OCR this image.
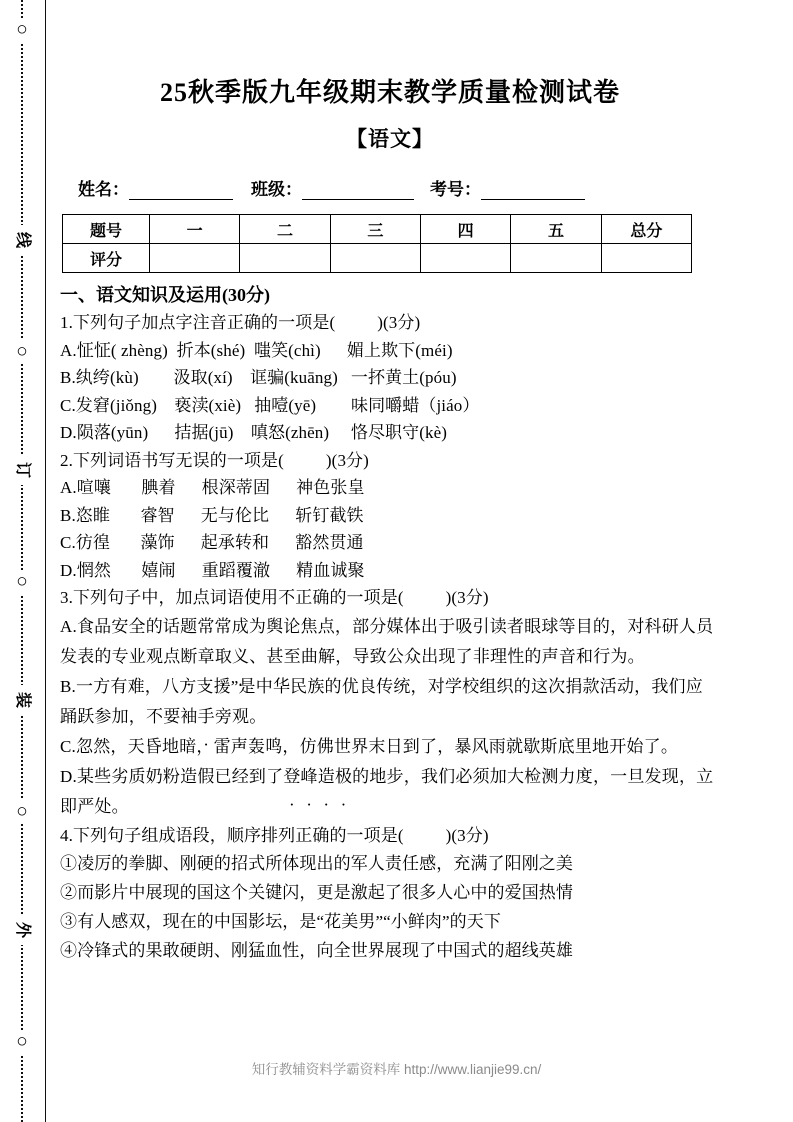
○
线
○
订
○
装
○
外
○
25秋季版九年级期末教学质量检测试卷
【语文】
姓名：	班级：	考号：
题号	一	二	三	四	五	总分
评分						
一、语文知识及运用(30分)
1.下列句子加点字注音正确的一项是( )(3分)
A.怔怔( zhèng)  折本(shé)  嗤笑(chì)      媚上欺下(méi)
B.纨绔(kù)        汲取(xí)    诓骗(kuāng)   一抔黄土(póu)
C.发窘(jiǒng)    亵渎(xiè)   抽噎(yē)        味同嚼蜡（jiáo）
D.陨落(yūn)      拮据(jū)    嗔怒(zhēn)     恪尽职守(kè)
2.下列词语书写无误的一项是( )(3分)
A.喧嚷       腆着      根深蒂固      神色张皇
B.恣睢       睿智      无与伦比      斩钉截铁
C.彷徨       藻饰      起承转和      豁然贯通
D.惘然       嬉闹      重蹈覆澈      精血诚聚
3.下列句子中，加点词语使用不正确的一项是( )(3分)
A.食品安全的话题常常成为舆论焦点，部分媒体出于吸引读者眼球等目的，对科研人员发表的专业观点断章取义、甚至曲解，导致公众出现了非理性的声音和行为。
B.一方有难，八方支援”是中华民族的优良传统，对学校组织的这次捐款活动，我们应踊跃参加，不要袖手旁观。
C.忽然，天昏地暗，雷声轰鸣，仿佛世界末日到了，暴风雨就歇斯底里地开始了。
D.某些劣质奶粉造假已经到了登峰造极的地步，我们必须加大检测力度，一旦发现，立即严处。
4.下列句子组成语段，顺序排列正确的一项是( )(3分)
①凌厉的拳脚、刚硬的招式所体现出的军人责任感，充满了阳刚之美
②而影片中展现的国这个关键闪，更是激起了很多人心中的爱国热情
③有人感双，现在的中国影坛，是“花美男”“小鲜肉”的天下
④冷锋式的果敢硬朗、刚猛血性，向全世界展现了中国式的超线英雄
知行教辅资料学霸资料库 http://www.lianjie99.cn/
